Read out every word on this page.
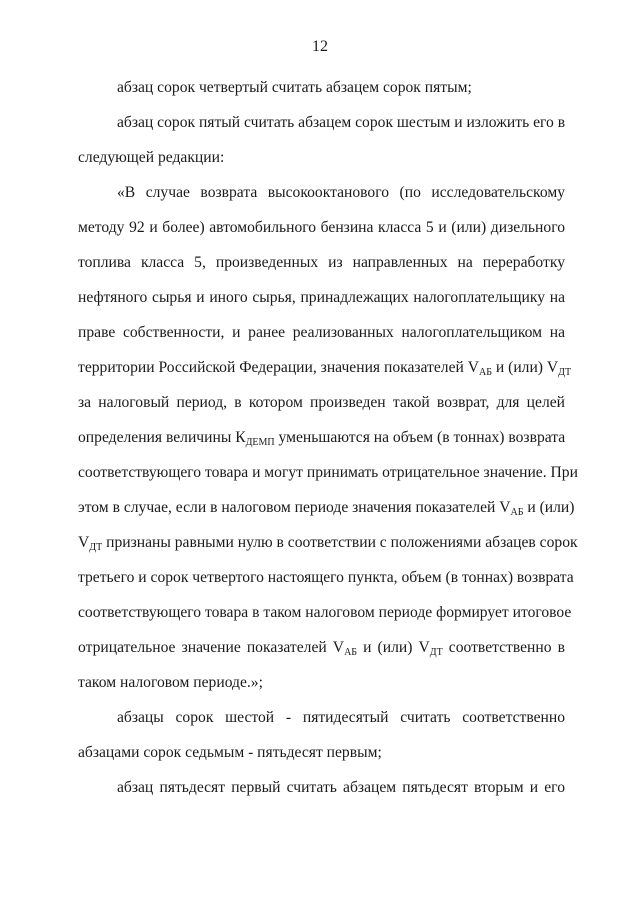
12
абзац сорок четвертый считать абзацем сорок пятым;
абзац сорок пятый считать абзацем сорок шестым и изложить его в
следующей редакции:
«В случае возврата высокооктанового (по исследовательскому
методу 92 и более) автомобильного бензина класса 5 и (или) дизельного
топлива класса 5, произведенных из направленных на переработку
нефтяного сырья и иного сырья, принадлежащих налогоплательщику на
праве собственности, и ранее реализованных налогоплательщиком на
территории Российской Федерации, значения показателей $V_{АБ}$ и (или) $V_{ДТ}$
за налоговый период, в котором произведен такой возврат, для целей
определения величины $К_{ДЕМП}$ уменьшаются на объем (в тоннах) возврата
соответствующего товара и могут принимать отрицательное значение. При
этом в случае, если в налоговом периоде значения показателей $V_{АБ}$ и (или)
$V_{ДТ}$ признаны равными нулю в соответствии с положениями абзацев сорок
третьего и сорок четвертого настоящего пункта, объем (в тоннах) возврата
соответствующего товара в таком налоговом периоде формирует итоговое
отрицательное значение показателей $V_{АБ}$ и (или) $V_{ДТ}$ соответственно в
таком налоговом периоде.»;
абзацы сорок шестой - пятидесятый считать соответственно
абзацами сорок седьмым - пятьдесят первым;
абзац пятьдесят первый считать абзацем пятьдесят вторым и его
